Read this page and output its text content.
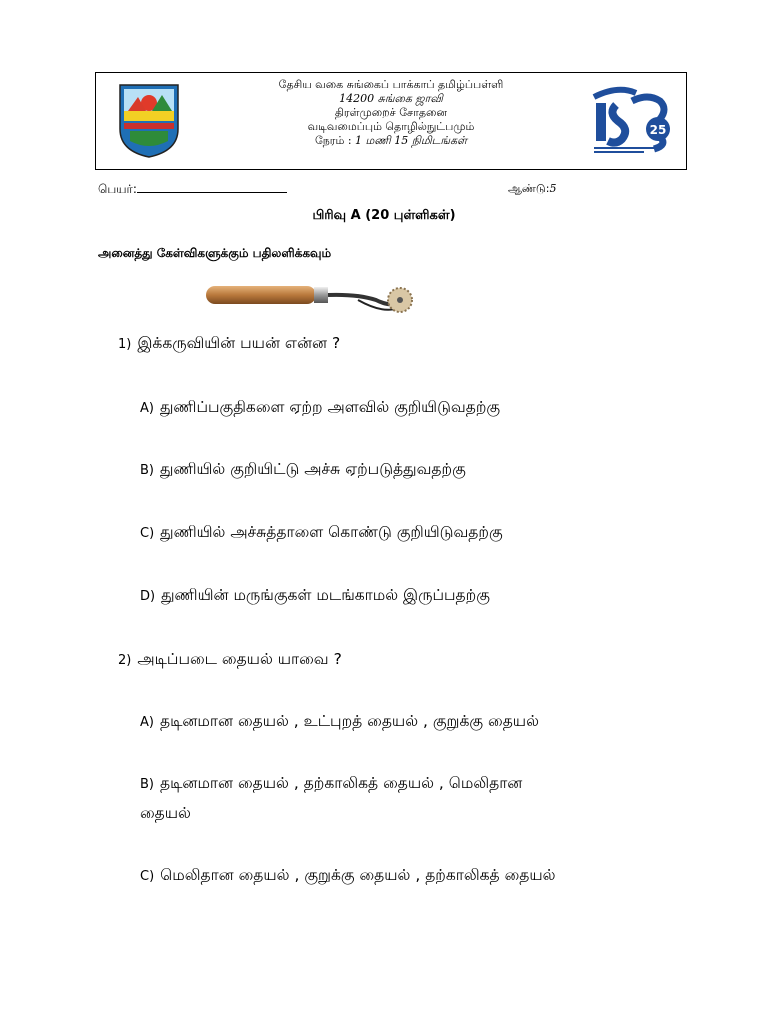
தேசிய வகை சுங்கைப் பாக்காப் தமிழ்ப்பள்ளி
14200 சுங்கை ஜாவி
திரள்முறைச் சோதனை
வடிவமைப்பும் தொழில்நுட்பமும்
நேரம் : 1 மணி 15 நிமிடங்கள்
25
பெயர்:	ஆண்டு:5
பிரிவு A (20 புள்ளிகள்)
அனைத்து கேள்விகளுக்கும் பதிலளிக்கவும்
1) இக்கருவியின் பயன் என்ன ?
A) துணிப்பகுதிகளை ஏற்ற அளவில் குறியிடுவதற்கு
B) துணியில் குறியிட்டு அச்சு ஏற்படுத்துவதற்கு
C) துணியில் அச்சுத்தாளை கொண்டு குறியிடுவதற்கு
D) துணியின் மருங்குகள் மடங்காமல் இருப்பதற்கு
2) அடிப்படை தையல் யாவை ?
A) தடினமான தையல் , உட்புறத் தையல் , குறுக்கு தையல்
B) தடினமான தையல் , தற்காலிகத் தையல் , மெலிதான
தையல்
C) மெலிதான தையல் , குறுக்கு தையல் , தற்காலிகத் தையல்
